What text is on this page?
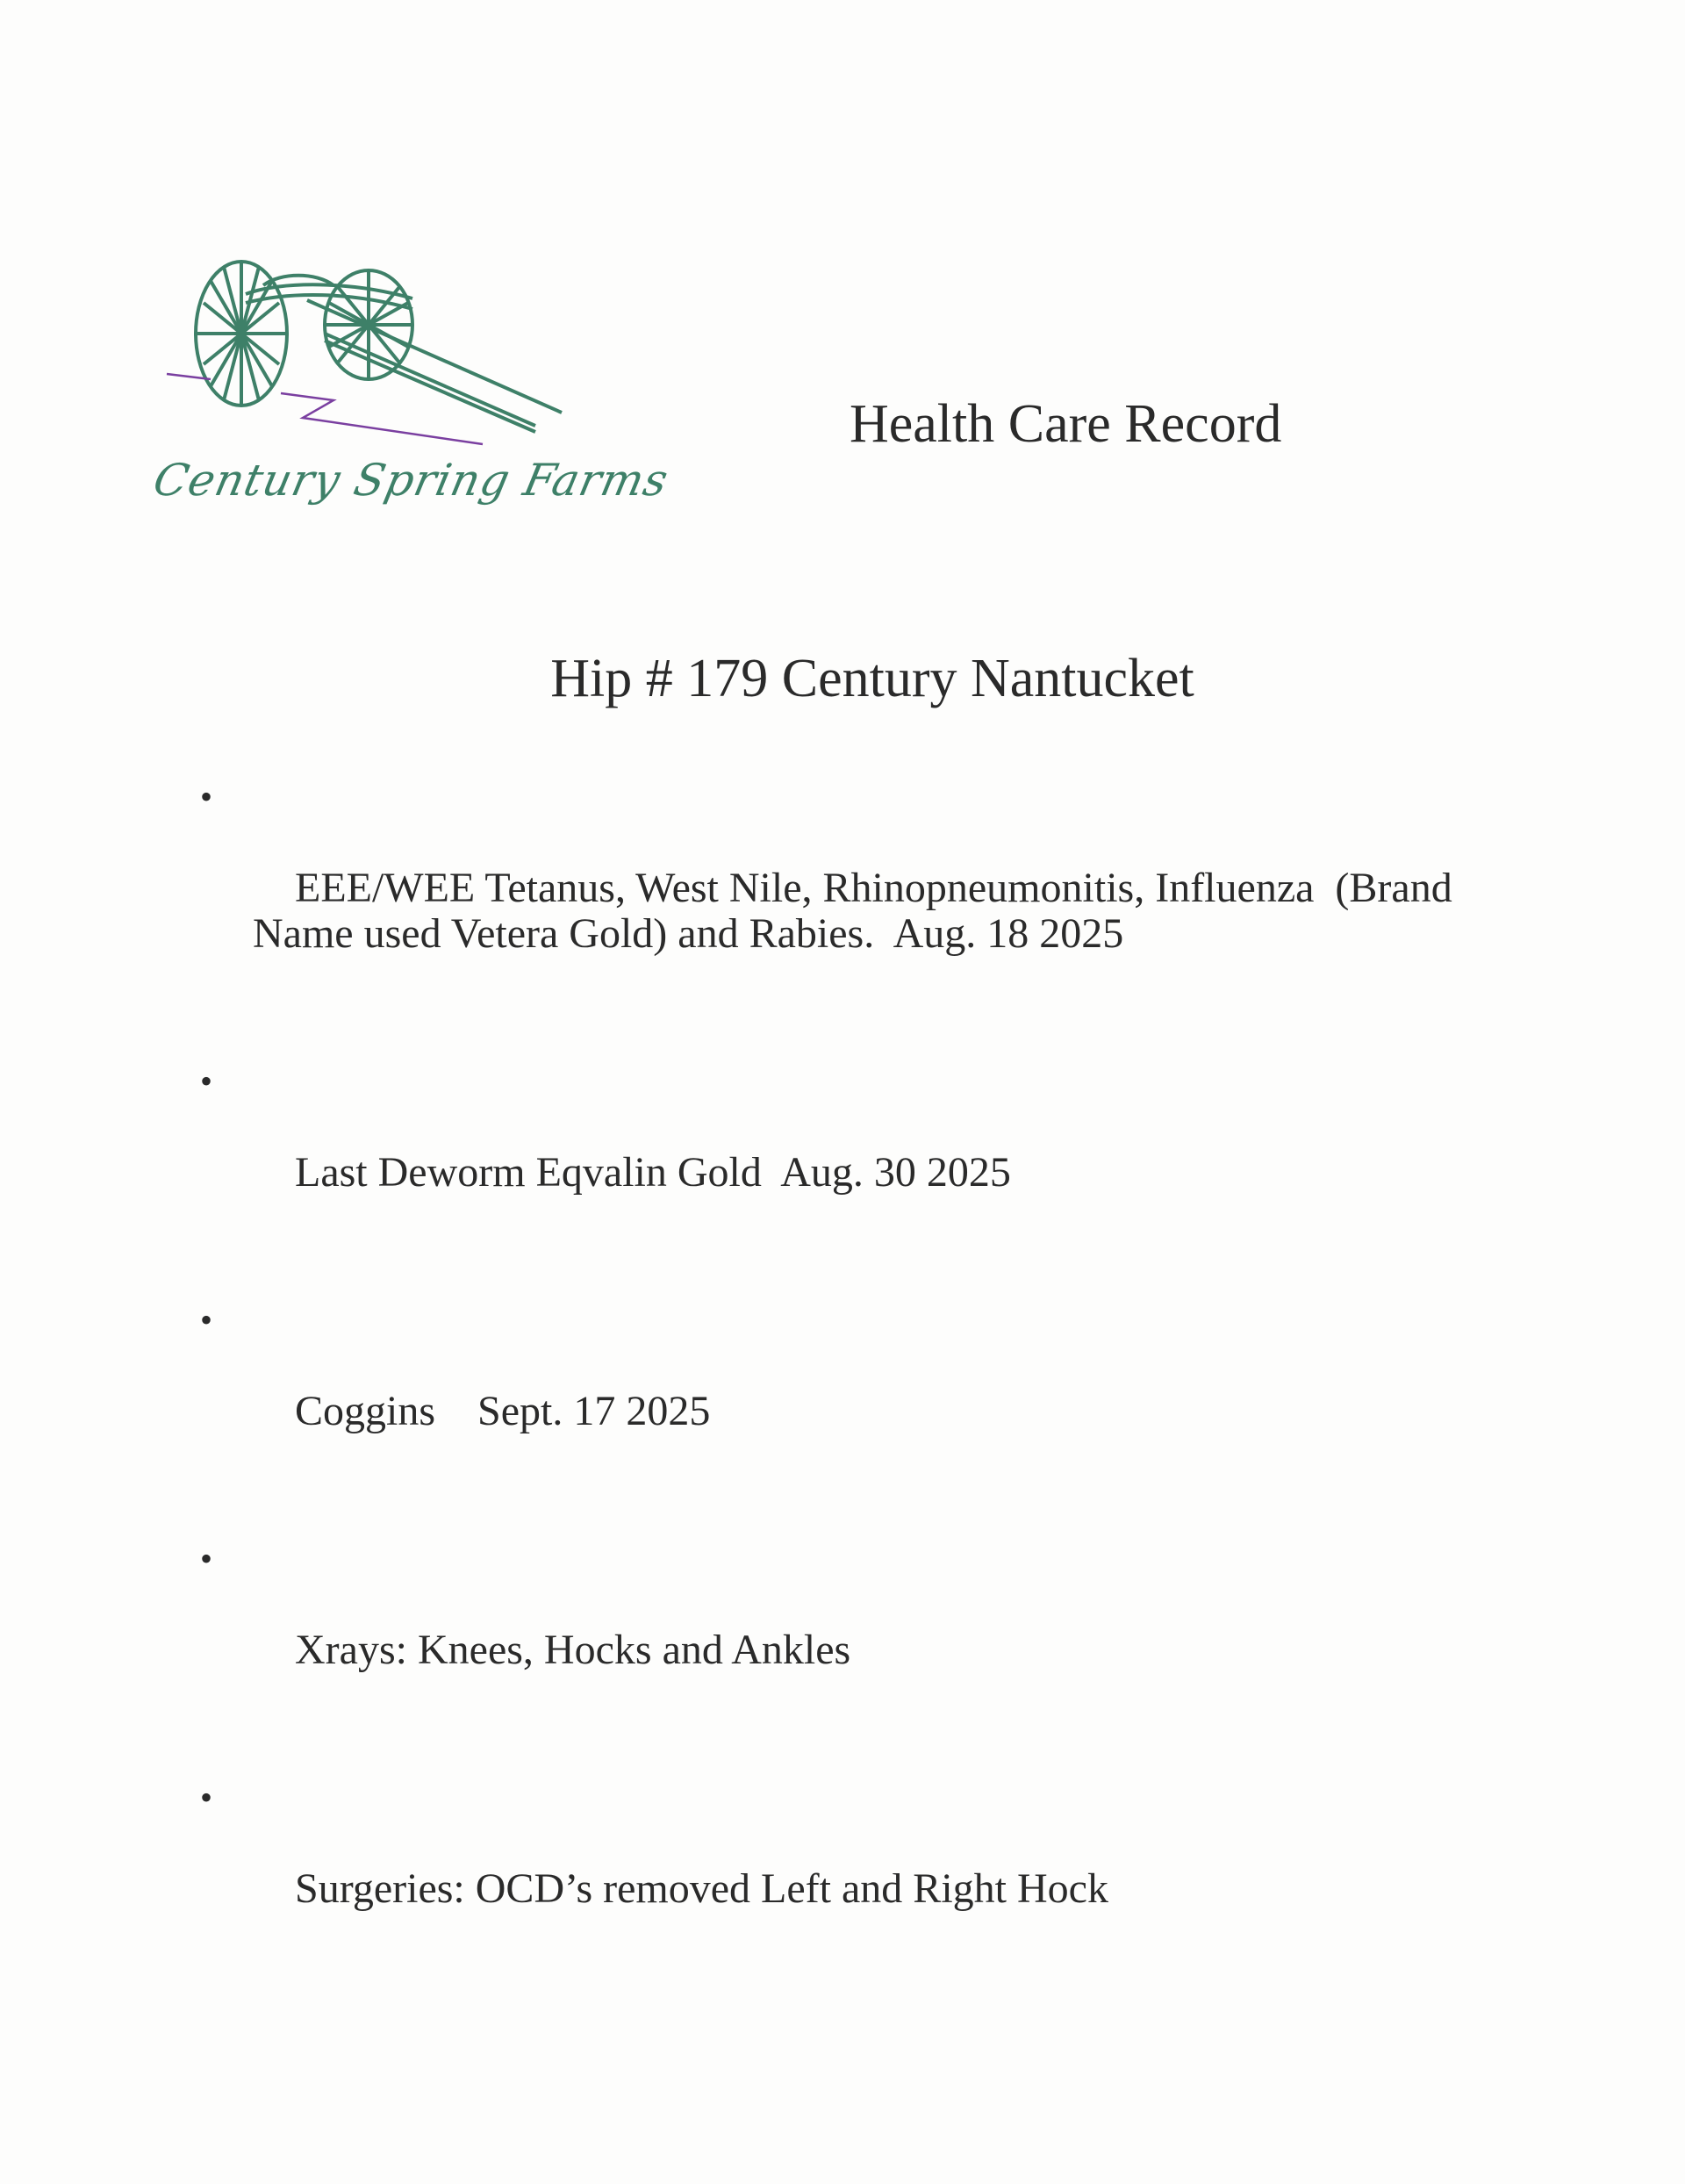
Century Spring Farms
Health Care Record
Hip # 179 Century Nantucket

•

EEE/WEE Tetanus, West Nile, Rhinopneumonitis, Influenza  (Brand Name used Vetera Gold) and Rabies.  Aug. 18 2025

•

Last Deworm Eqvalin Gold  Aug. 30 2025

•

Coggins    Sept. 17 2025

•

Xrays: Knees, Hocks and Ankles

•

Surgeries: OCD’s removed Left and Right Hock
